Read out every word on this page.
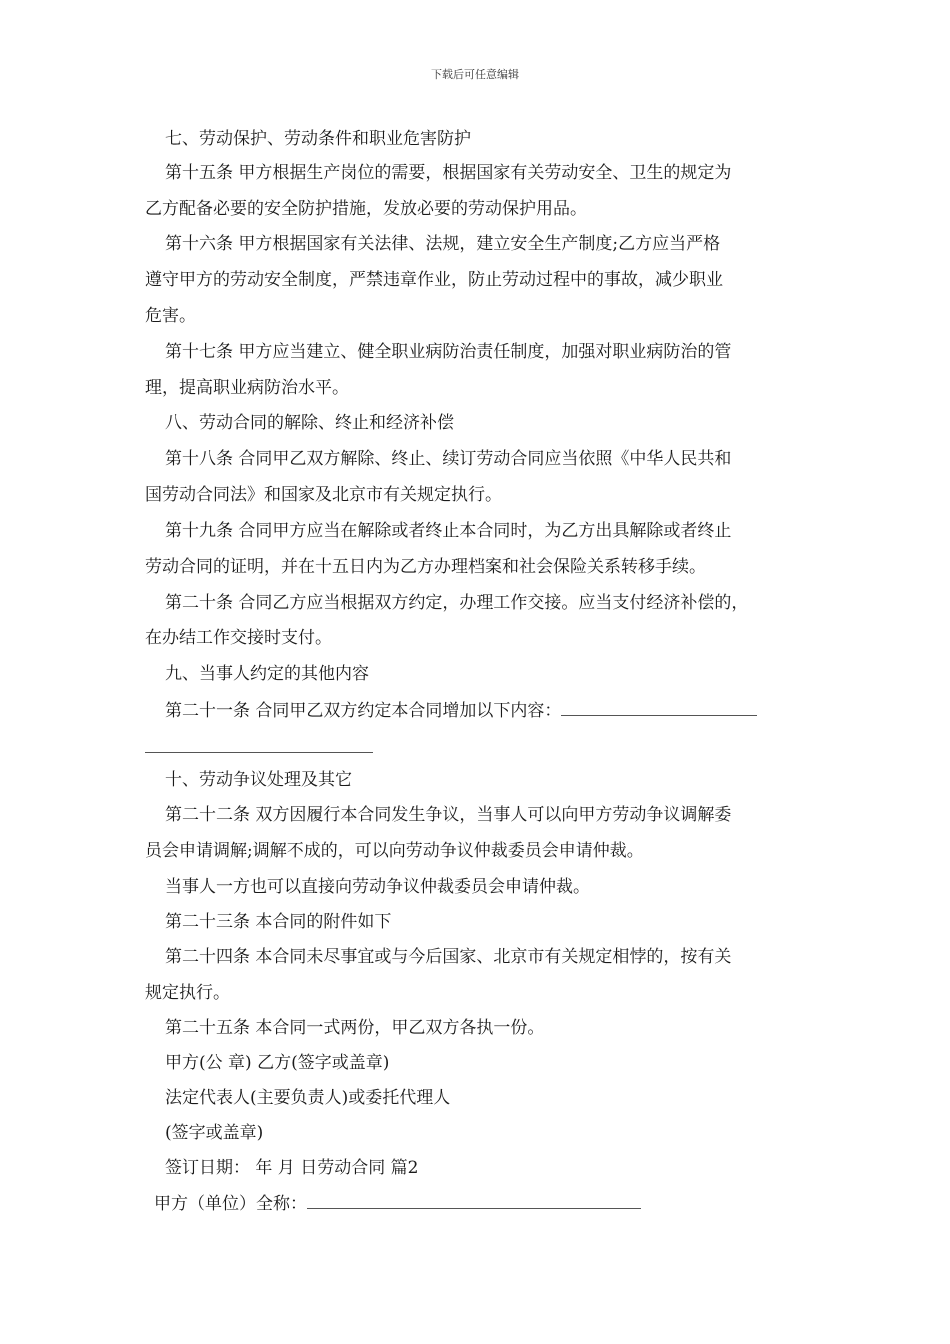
下载后可任意编辑
七、劳动保护、劳动条件和职业危害防护
第十五条 甲方根据生产岗位的需要，根据国家有关劳动安全、卫生的规定为
乙方配备必要的安全防护措施，发放必要的劳动保护用品。
第十六条 甲方根据国家有关法律、法规，建立安全生产制度;乙方应当严格
遵守甲方的劳动安全制度，严禁违章作业，防止劳动过程中的事故，减少职业
危害。
第十七条 甲方应当建立、健全职业病防治责任制度，加强对职业病防治的管
理，提高职业病防治水平。
八、劳动合同的解除、终止和经济补偿
第十八条 合同甲乙双方解除、终止、续订劳动合同应当依照《中华人民共和
国劳动合同法》和国家及北京市有关规定执行。
第十九条 合同甲方应当在解除或者终止本合同时，为乙方出具解除或者终止
劳动合同的证明，并在十五日内为乙方办理档案和社会保险关系转移手续。
第二十条 合同乙方应当根据双方约定，办理工作交接。应当支付经济补偿的，
在办结工作交接时支付。
九、当事人约定的其他内容
第二十一条 合同甲乙双方约定本合同增加以下内容：
十、劳动争议处理及其它
第二十二条 双方因履行本合同发生争议，当事人可以向甲方劳动争议调解委
员会申请调解;调解不成的，可以向劳动争议仲裁委员会申请仲裁。
当事人一方也可以直接向劳动争议仲裁委员会申请仲裁。
第二十三条 本合同的附件如下
第二十四条 本合同未尽事宜或与今后国家、北京市有关规定相悖的，按有关
规定执行。
第二十五条 本合同一式两份，甲乙双方各执一份。
甲方(公 章) 乙方(签字或盖章)
法定代表人(主要负责人)或委托代理人
(签字或盖章)
签订日期： 年 月 日劳动合同 篇2
甲方（单位）全称：
